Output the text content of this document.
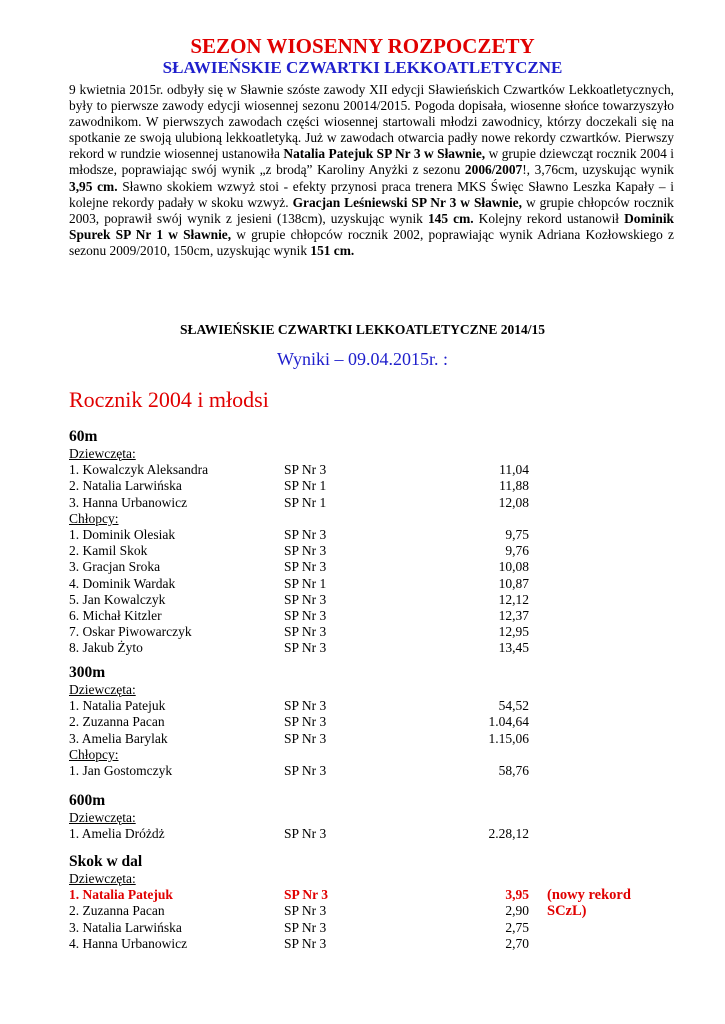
SEZON WIOSENNY ROZPOCZETY
SŁAWIEŃSKIE CZWARTKI LEKKOATLETYCZNE
9 kwietnia 2015r. odbyły się w Sławnie szóste zawody XII edycji Sławieńskich Czwartków Lekkoatletycznych, były to pierwsze zawody edycji wiosennej sezonu 20014/2015. Pogoda dopisała, wiosenne słońce towarzyszyło zawodnikom. W pierwszych zawodach części wiosennej startowali młodzi zawodnicy, którzy doczekali się na spotkanie ze swoją ulubioną lekkoatletyką. Już w zawodach otwarcia padły nowe rekordy czwartków. Pierwszy rekord w rundzie wiosennej ustanowiła Natalia Patejuk SP Nr 3 w Sławnie, w grupie dziewcząt rocznik 2004 i młodsze, poprawiając swój wynik „z brodą” Karoliny Anyżki z sezonu 2006/2007!, 3,76cm, uzyskując wynik 3,95 cm. Sławno skokiem wzwyż stoi - efekty przynosi praca trenera MKS Święc Sławno Leszka Kapały – i kolejne rekordy padały w skoku wzwyż. Gracjan Leśniewski SP Nr 3 w Sławnie, w grupie chłopców rocznik 2003, poprawił swój wynik z jesieni (138cm), uzyskując wynik 145 cm. Kolejny rekord ustanowił Dominik Spurek SP Nr 1 w Sławnie, w grupie chłopców rocznik 2002, poprawiając wynik Adriana Kozłowskiego z sezonu 2009/2010, 150cm, uzyskując wynik 151 cm.
SŁAWIEŃSKIE CZWARTKI LEKKOATLETYCZNE 2014/15
Wyniki – 09.04.2015r. :
Rocznik 2004 i młodsi
60m
Dziewczęta:
1. Kowalczyk Aleksandra	SP Nr 3	11,04
2. Natalia Larwińska	SP Nr 1	11,88
3. Hanna Urbanowicz	SP Nr 1	12,08
Chłopcy:
1. Dominik Olesiak	SP Nr 3	9,75
2. Kamil Skok	SP Nr 3	9,76
3. Gracjan Sroka	SP Nr 3	10,08
4. Dominik Wardak	SP Nr 1	10,87
5. Jan Kowalczyk	SP Nr 3	12,12
6. Michał Kitzler	SP Nr 3	12,37
7. Oskar Piwowarczyk	SP Nr 3	12,95
8. Jakub Żyto	SP Nr 3	13,45
300m
Dziewczęta:
1. Natalia Patejuk	SP Nr 3	54,52
2. Zuzanna Pacan	SP Nr 3	1.04,64
3. Amelia Barylak	SP Nr 3	1.15,06
Chłopcy:
1. Jan Gostomczyk	SP Nr 3	58,76
600m
Dziewczęta:
1. Amelia Dróżdż	SP Nr 3	2.28,12
Skok w dal
Dziewczęta:
1. Natalia Patejuk	SP Nr 3	3,95 (nowy rekord SCzL)
2. Zuzanna Pacan	SP Nr 3	2,90
3. Natalia Larwińska	SP Nr 3	2,75
4. Hanna Urbanowicz	SP Nr 3	2,70
